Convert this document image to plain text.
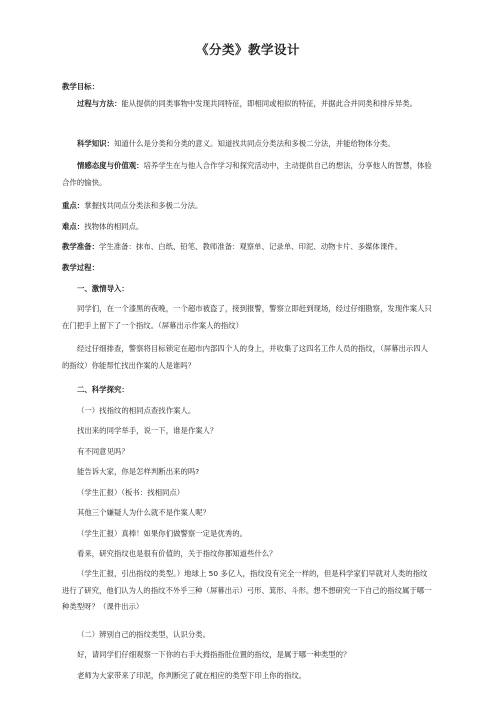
《分类》教学设计
教学目标：
过程与方法：能从提供的同类事物中发现共同特征，即相同或相似的特征，并据此合并同类和排斥异类。
科学知识：知道什么是分类和分类的意义。知道找共同点分类法和多极二分法，并能给物体分类。
情感态度与价值观：培养学生在与他人合作学习和探究活动中，主动提供自己的想法，分享他人的智慧，体验合作的愉快。
重点：掌握找共同点分类法和多极二分法。
难点：找物体的相同点。
教学准备：学生准备：抹布、白纸、铅笔、教师准备：观察单、记录单、印泥、动物卡片、多媒体课件。
教学过程：
一、激情导入：
同学们，在一个漆黑的夜晚，一个超市被盗了，接到报警，警察立即赶到现场，经过仔细勘察，发现作案人只在门把手上留下了一个指纹。（屏幕出示作案人的指纹）
经过仔细排查，警察将目标锁定在超市内部四个人的身上，并收集了这四名工作人员的指纹，（屏幕出示四人的指纹）你能帮忙找出作案的人是谁吗？
二、科学探究：
（一）找指纹的相同点查找作案人。
找出来的同学举手，说一下，谁是作案人？
有不同意见吗？
能告诉大家，你是怎样判断出来的吗?
（学生汇报）（板书：找相同点）
其他三个嫌疑人为什么就不是作案人呢？
（学生汇报）真棒！如果你们做警察一定是优秀的。
看来，研究指纹也是很有价值的，关于指纹你都知道些什么？
（学生汇报，引出指纹的类型。）地球上 50 多亿人，指纹没有完全一样的，但是科学家们早就对人类的指纹进行了研究，他们认为人的指纹不外乎三种（屏幕出示）弓形、箕形、斗形。想不想研究一下自己的指纹属于哪一种类型呀？（课件出示）
（二）辨别自己的指纹类型，认识分类。
好，请同学们仔细观察一下你的右手大拇指指肚位置的指纹，是属于哪一种类型的？
老师为大家带来了印泥，你判断完了就在相应的类型下印上你的指纹。
